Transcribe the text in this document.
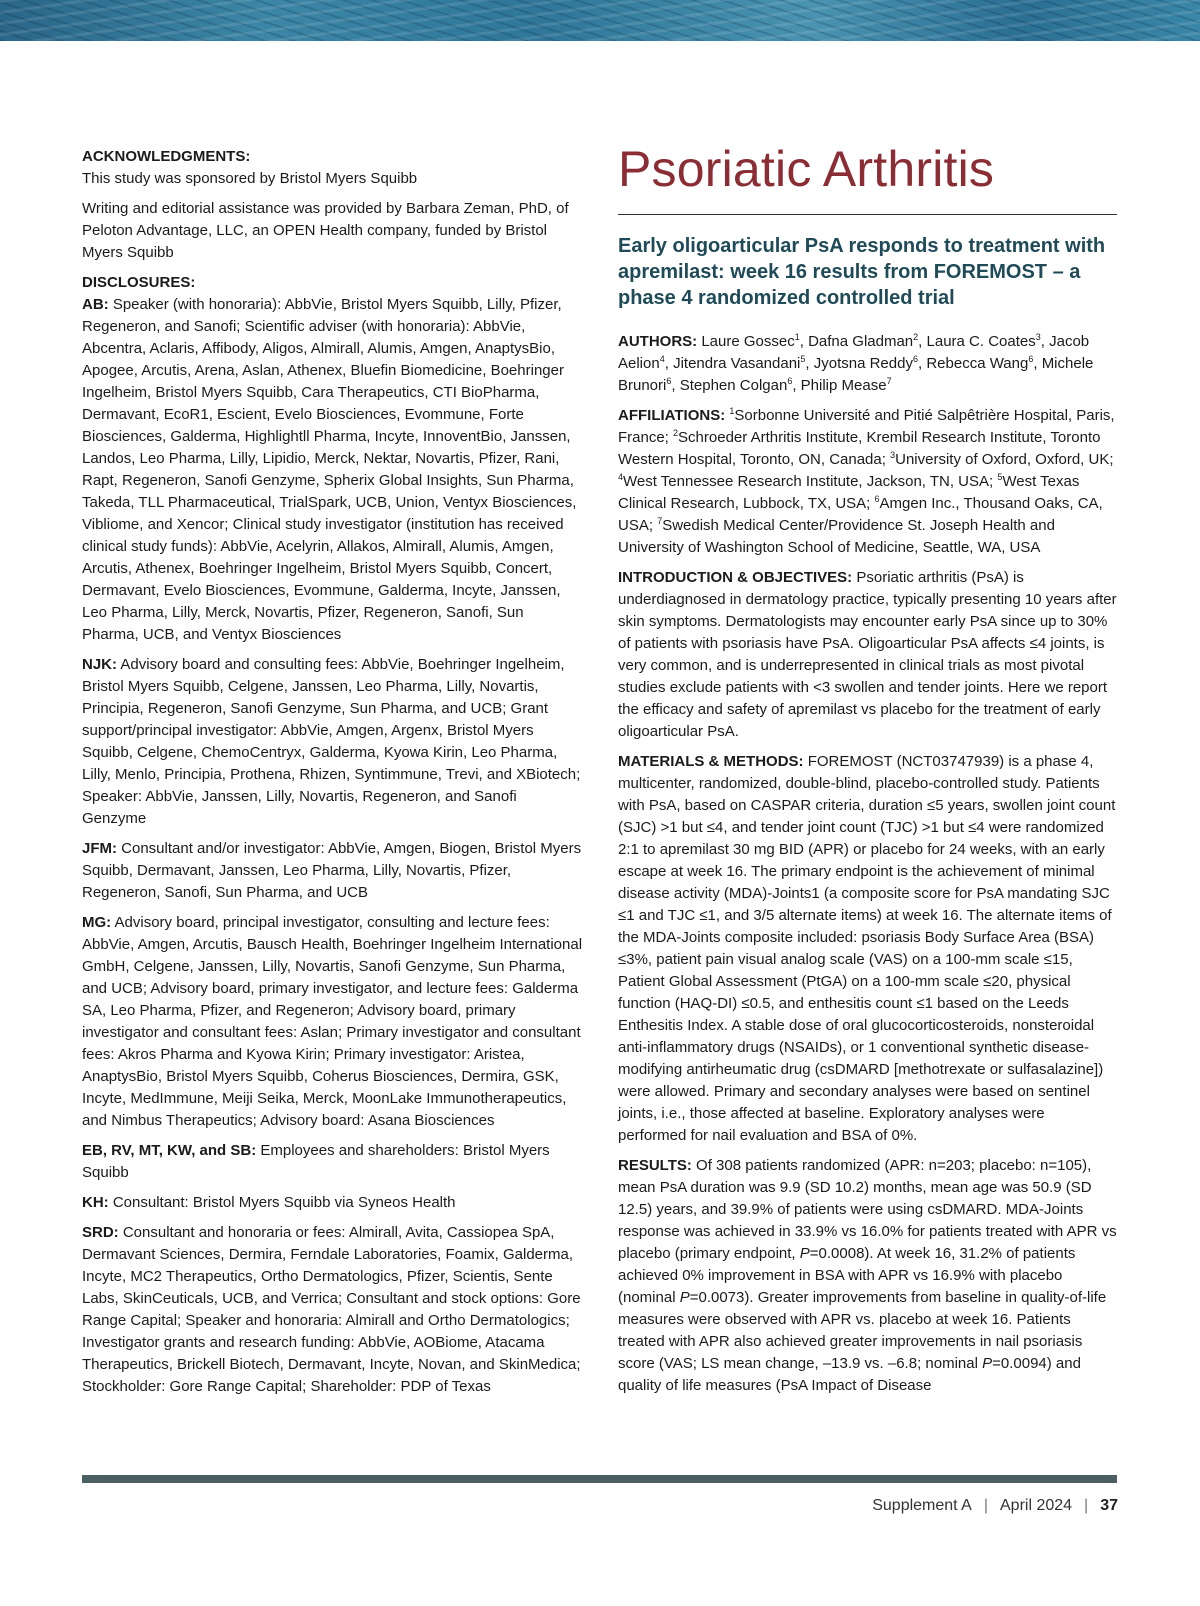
ACKNOWLEDGMENTS:
This study was sponsored by Bristol Myers Squibb

Writing and editorial assistance was provided by Barbara Zeman, PhD, of Peloton Advantage, LLC, an OPEN Health company, funded by Bristol Myers Squibb

DISCLOSURES:
AB: Speaker (with honoraria): AbbVie, Bristol Myers Squibb, Lilly, Pfizer, Regeneron, and Sanofi; Scientific adviser (with honoraria): AbbVie, Abcentra, Aclaris, Affibody, Aligos, Almirall, Alumis, Amgen, AnaptysBio, Apogee, Arcutis, Arena, Aslan, Athenex, Bluefin Biomedicine, Boehringer Ingelheim, Bristol Myers Squibb, Cara Therapeutics, CTI BioPharma, Dermavant, EcoR1, Escient, Evelo Biosciences, Evommune, Forte Biosciences, Galderma, Highlightll Pharma, Incyte, InnoventBio, Janssen, Landos, Leo Pharma, Lilly, Lipidio, Merck, Nektar, Novartis, Pfizer, Rani, Rapt, Regeneron, Sanofi Genzyme, Spherix Global Insights, Sun Pharma, Takeda, TLL Pharmaceutical, TrialSpark, UCB, Union, Ventyx Biosciences, Vibliome, and Xencor; Clinical study investigator (institution has received clinical study funds): AbbVie, Acelyrin, Allakos, Almirall, Alumis, Amgen, Arcutis, Athenex, Boehringer Ingelheim, Bristol Myers Squibb, Concert, Dermavant, Evelo Biosciences, Evommune, Galderma, Incyte, Janssen, Leo Pharma, Lilly, Merck, Novartis, Pfizer, Regeneron, Sanofi, Sun Pharma, UCB, and Ventyx Biosciences

NJK: Advisory board and consulting fees: AbbVie, Boehringer Ingelheim, Bristol Myers Squibb, Celgene, Janssen, Leo Pharma, Lilly, Novartis, Principia, Regeneron, Sanofi Genzyme, Sun Pharma, and UCB; Grant support/principal investigator: AbbVie, Amgen, Argenx, Bristol Myers Squibb, Celgene, ChemoCentryx, Galderma, Kyowa Kirin, Leo Pharma, Lilly, Menlo, Principia, Prothena, Rhizen, Syntimmune, Trevi, and XBiotech; Speaker: AbbVie, Janssen, Lilly, Novartis, Regeneron, and Sanofi Genzyme

JFM: Consultant and/or investigator: AbbVie, Amgen, Biogen, Bristol Myers Squibb, Dermavant, Janssen, Leo Pharma, Lilly, Novartis, Pfizer, Regeneron, Sanofi, Sun Pharma, and UCB

MG: Advisory board, principal investigator, consulting and lecture fees: AbbVie, Amgen, Arcutis, Bausch Health, Boehringer Ingelheim International GmbH, Celgene, Janssen, Lilly, Novartis, Sanofi Genzyme, Sun Pharma, and UCB; Advisory board, primary investigator, and lecture fees: Galderma SA, Leo Pharma, Pfizer, and Regeneron; Advisory board, primary investigator and consultant fees: Aslan; Primary investigator and consultant fees: Akros Pharma and Kyowa Kirin; Primary investigator: Aristea, AnaptysBio, Bristol Myers Squibb, Coherus Biosciences, Dermira, GSK, Incyte, MedImmune, Meiji Seika, Merck, MoonLake Immunotherapeutics, and Nimbus Therapeutics; Advisory board: Asana Biosciences

EB, RV, MT, KW, and SB: Employees and shareholders: Bristol Myers Squibb

KH: Consultant: Bristol Myers Squibb via Syneos Health

SRD: Consultant and honoraria or fees: Almirall, Avita, Cassiopea SpA, Dermavant Sciences, Dermira, Ferndale Laboratories, Foamix, Galderma, Incyte, MC2 Therapeutics, Ortho Dermatologics, Pfizer, Scientis, Sente Labs, SkinCeuticals, UCB, and Verrica; Consultant and stock options: Gore Range Capital; Speaker and honoraria: Almirall and Ortho Dermatologics; Investigator grants and research funding: AbbVie, AOBiome, Atacama Therapeutics, Brickell Biotech, Dermavant, Incyte, Novan, and SkinMedica; Stockholder: Gore Range Capital; Shareholder: PDP of Texas

Psoriatic Arthritis
Early oligoarticular PsA responds to treatment with apremilast: week 16 results from FOREMOST – a phase 4 randomized controlled trial

AUTHORS: Laure Gossec$^1$, Dafna Gladman$^2$, Laura C. Coates$^3$, Jacob Aelion$^4$, Jitendra Vasandani$^5$, Jyotsna Reddy$^6$, Rebecca Wang$^6$, Michele Brunori$^6$, Stephen Colgan$^6$, Philip Mease$^7$

AFFILIATIONS: $^1$Sorbonne Université and Pitié Salpêtrière Hospital, Paris, France; $^2$Schroeder Arthritis Institute, Krembil Research Institute, Toronto Western Hospital, Toronto, ON, Canada; $^3$University of Oxford, Oxford, UK; $^4$West Tennessee Research Institute, Jackson, TN, USA; $^5$West Texas Clinical Research, Lubbock, TX, USA; $^6$Amgen Inc., Thousand Oaks, CA, USA; $^7$Swedish Medical Center/Providence St. Joseph Health and University of Washington School of Medicine, Seattle, WA, USA

INTRODUCTION & OBJECTIVES: Psoriatic arthritis (PsA) is underdiagnosed in dermatology practice, typically presenting 10 years after skin symptoms. Dermatologists may encounter early PsA since up to 30% of patients with psoriasis have PsA. Oligoarticular PsA affects ≤4 joints, is very common, and is underrepresented in clinical trials as most pivotal studies exclude patients with <3 swollen and tender joints. Here we report the efficacy and safety of apremilast vs placebo for the treatment of early oligoarticular PsA.

MATERIALS & METHODS: FOREMOST (NCT03747939) is a phase 4, multicenter, randomized, double-blind, placebo-controlled study. Patients with PsA, based on CASPAR criteria, duration ≤5 years, swollen joint count (SJC) >1 but ≤4, and tender joint count (TJC) >1 but ≤4 were randomized 2:1 to apremilast 30 mg BID (APR) or placebo for 24 weeks, with an early escape at week 16. The primary endpoint is the achievement of minimal disease activity (MDA)-Joints1 (a composite score for PsA mandating SJC ≤1 and TJC ≤1, and 3/5 alternate items) at week 16. The alternate items of the MDA-Joints composite included: psoriasis Body Surface Area (BSA) ≤3%, patient pain visual analog scale (VAS) on a 100-mm scale ≤15, Patient Global Assessment (PtGA) on a 100-mm scale ≤20, physical function (HAQ-DI) ≤0.5, and enthesitis count ≤1 based on the Leeds Enthesitis Index. A stable dose of oral glucocorticosteroids, nonsteroidal anti-inflammatory drugs (NSAIDs), or 1 conventional synthetic disease-modifying antirheumatic drug (csDMARD [methotrexate or sulfasalazine]) were allowed. Primary and secondary analyses were based on sentinel joints, i.e., those affected at baseline. Exploratory analyses were performed for nail evaluation and BSA of 0%.

RESULTS: Of 308 patients randomized (APR: n=203; placebo: n=105), mean PsA duration was 9.9 (SD 10.2) months, mean age was 50.9 (SD 12.5) years, and 39.9% of patients were using csDMARD. MDA-Joints response was achieved in 33.9% vs 16.0% for patients treated with APR vs placebo (primary endpoint, P=0.0008). At week 16, 31.2% of patients achieved 0% improvement in BSA with APR vs 16.9% with placebo (nominal P=0.0073). Greater improvements from baseline in quality-of-life measures were observed with APR vs. placebo at week 16. Patients treated with APR also achieved greater improvements in nail psoriasis score (VAS; LS mean change, –13.9 vs. –6.8; nominal P=0.0094) and quality of life measures (PsA Impact of Disease

Supplement A | April 2024 | 37
